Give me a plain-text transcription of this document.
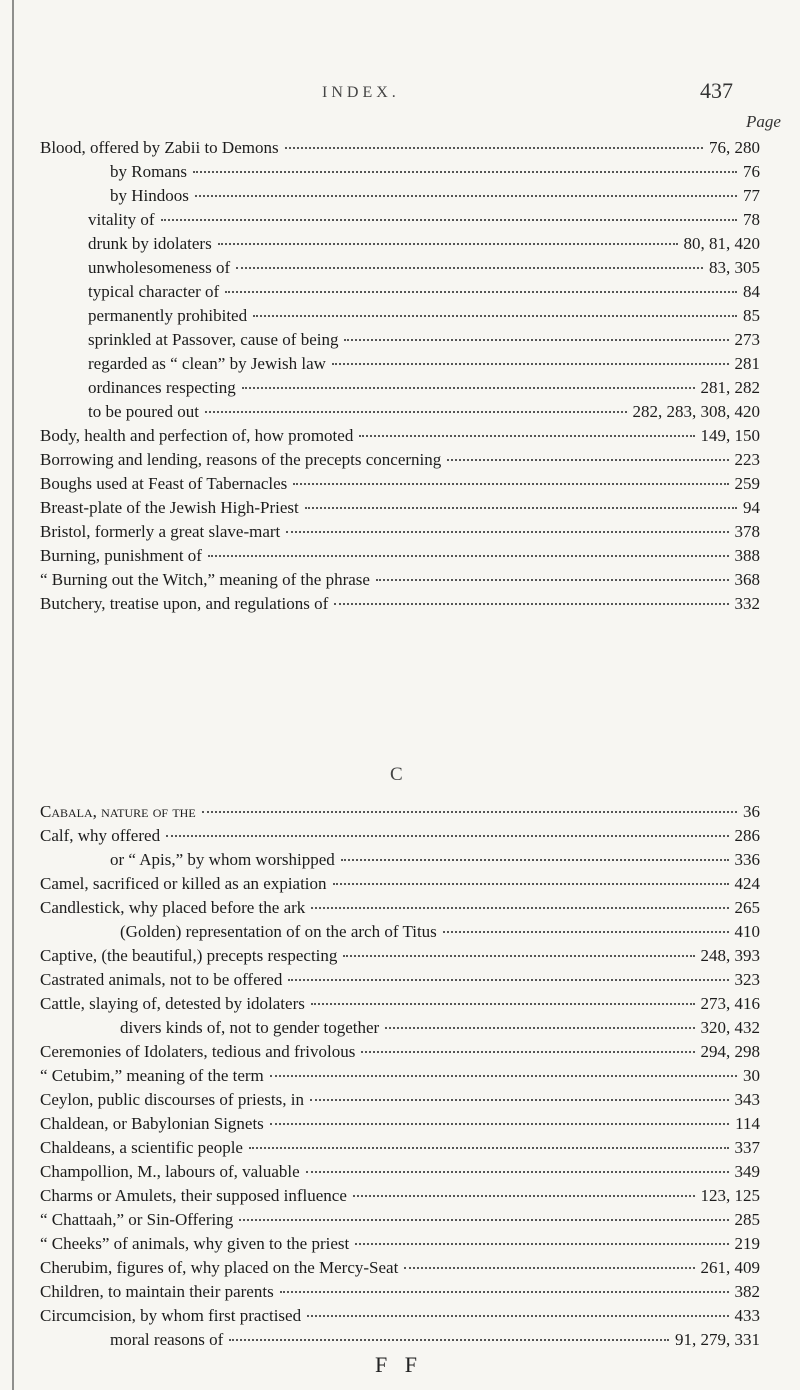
INDEX.	437
Page
Blood, offered by Zabii to Demons	76, 280
by Romans	76
by Hindoos	77
vitality of	78
drunk by idolaters	80, 81, 420
unwholesomeness of	83, 305
typical character of	84
permanently prohibited	85
sprinkled at Passover, cause of being	273
regarded as “ clean” by Jewish law	281
ordinances respecting	281, 282
to be poured out	282, 283, 308, 420
Body, health and perfection of, how promoted	149, 150
Borrowing and lending, reasons of the precepts concerning	223
Boughs used at Feast of Tabernacles	259
Breast-plate of the Jewish High-Priest	94
Bristol, formerly a great slave-mart	378
Burning, punishment of	388
“ Burning out the Witch,” meaning of the phrase	368
Butchery, treatise upon, and regulations of	332
Cabala, nature of the	36
Calf, why offered	286
or “ Apis,” by whom worshipped	336
Camel, sacrificed or killed as an expiation	424
Candlestick, why placed before the ark	265
(Golden) representation of on the arch of Titus	410
Captive, (the beautiful,) precepts respecting	248, 393
Castrated animals, not to be offered	323
Cattle, slaying of, detested by idolaters	273, 416
divers kinds of, not to gender together	320, 432
Ceremonies of Idolaters, tedious and frivolous	294, 298
“ Cetubim,” meaning of the term	30
Ceylon, public discourses of priests, in	343
Chaldean, or Babylonian Signets	114
Chaldeans, a scientific people	337
Champollion, M., labours of, valuable	349
Charms or Amulets, their supposed influence	123, 125
“ Chattaah,” or Sin-Offering	285
“ Cheeks” of animals, why given to the priest	219
Cherubim, figures of, why placed on the Mercy-Seat	261, 409
Children, to maintain their parents	382
Circumcision, by whom first practised	433
moral reasons of	91, 279, 331
C
F F
